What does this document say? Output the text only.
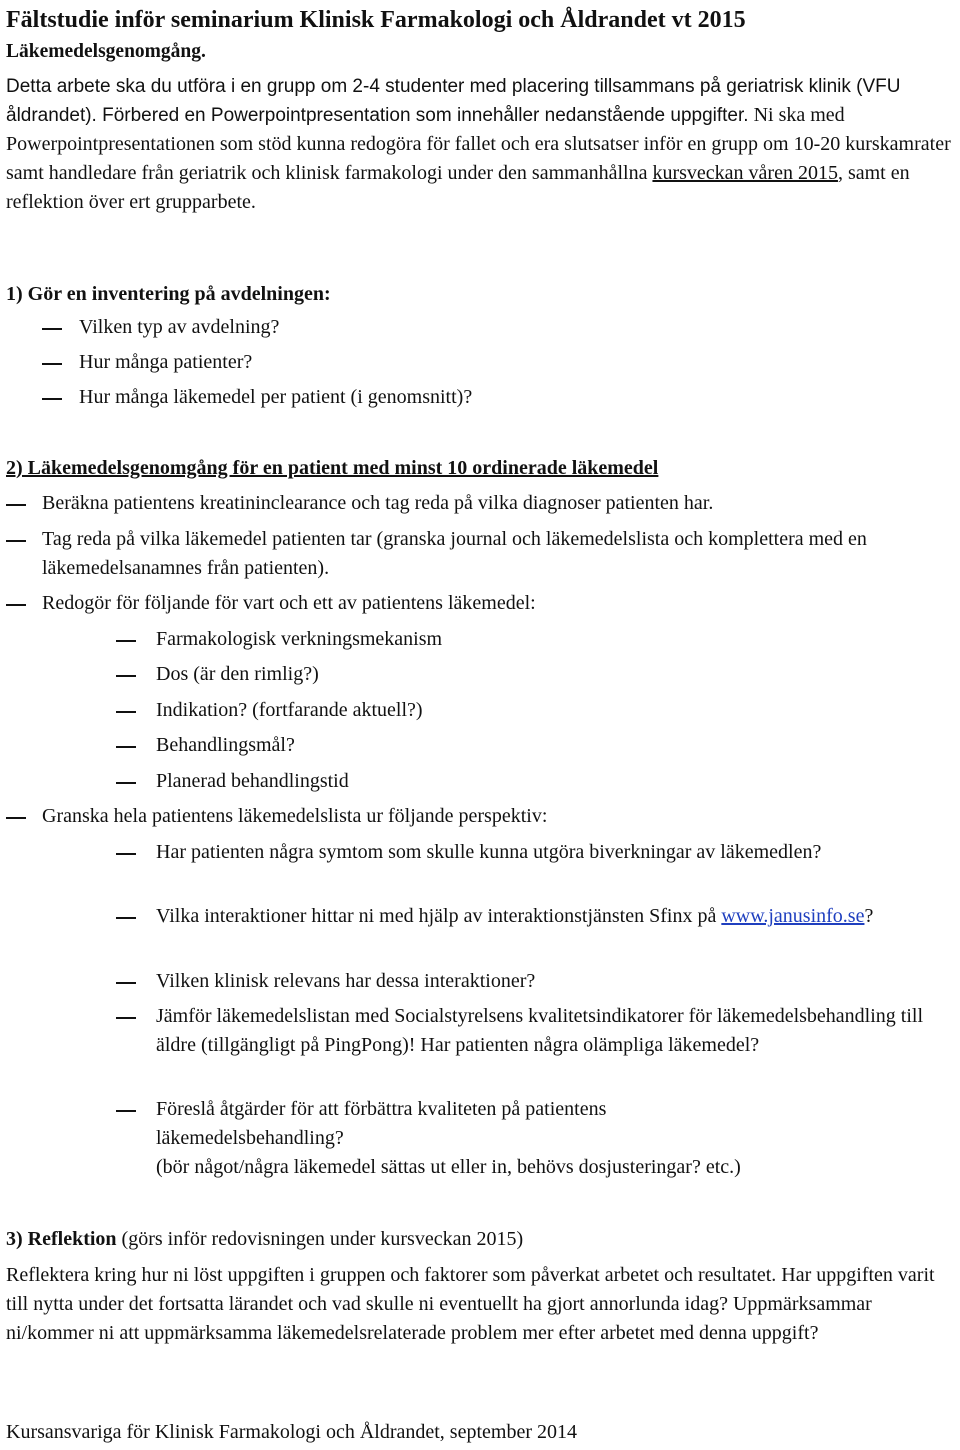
Fältstudie inför seminarium Klinisk Farmakologi och Åldrandet vt 2015
Läkemedelsgenomgång.
Detta arbete ska du utföra i en grupp om 2-4 studenter med placering tillsammans på geriatrisk klinik (VFU åldrandet). Förbered en Powerpointpresentation som innehåller nedanstående uppgifter. Ni ska med Powerpointpresentationen som stöd kunna redogöra för fallet och era slutsatser inför en grupp om 10-20 kurskamrater samt handledare från geriatrik och klinisk farmakologi under den sammanhållna kursveckan våren 2015, samt en reflektion över ert grupparbete.
1) Gör en inventering på avdelningen:
Vilken typ av avdelning?
Hur många patienter?
Hur många läkemedel per patient (i genomsnitt)?
2) Läkemedelsgenomgång för en patient med minst 10 ordinerade läkemedel
Beräkna patientens kreatininclearance och tag reda på vilka diagnoser patienten har.
Tag reda på vilka läkemedel patienten tar (granska journal och läkemedelslista och komplettera med en läkemedelsanamnes från patienten).
Redogör för följande för vart och ett av patientens läkemedel:
Farmakologisk verkningsmekanism
Dos (är den rimlig?)
Indikation? (fortfarande aktuell?)
Behandlingsmål?
Planerad behandlingstid
Granska hela patientens läkemedelslista ur följande perspektiv:
Har patienten några symtom som skulle kunna utgöra biverkningar av läkemedlen?
Vilka interaktioner hittar ni med hjälp av interaktionstjänsten Sfinx på www.janusinfo.se?
Vilken klinisk relevans har dessa interaktioner?
Jämför läkemedelslistan med Socialstyrelsens kvalitetsindikatorer för läkemedelsbehandling till äldre (tillgängligt på PingPong)! Har patienten några olämpliga läkemedel?
Föreslå åtgärder för att förbättra kvaliteten på patientens läkemedelsbehandling?
(bör något/några läkemedel sättas ut eller in, behövs dosjusteringar? etc.)
3) Reflektion (görs inför redovisningen under kursveckan 2015)
Reflektera kring hur ni löst uppgiften i gruppen och faktorer som påverkat arbetet och resultatet. Har uppgiften varit till nytta under det fortsatta lärandet och vad skulle ni eventuellt ha gjort annorlunda idag? Uppmärksammar ni/kommer ni att uppmärksamma läkemedelsrelaterade problem mer efter arbetet med denna uppgift?
Kursansvariga för Klinisk Farmakologi och Åldrandet, september 2014
